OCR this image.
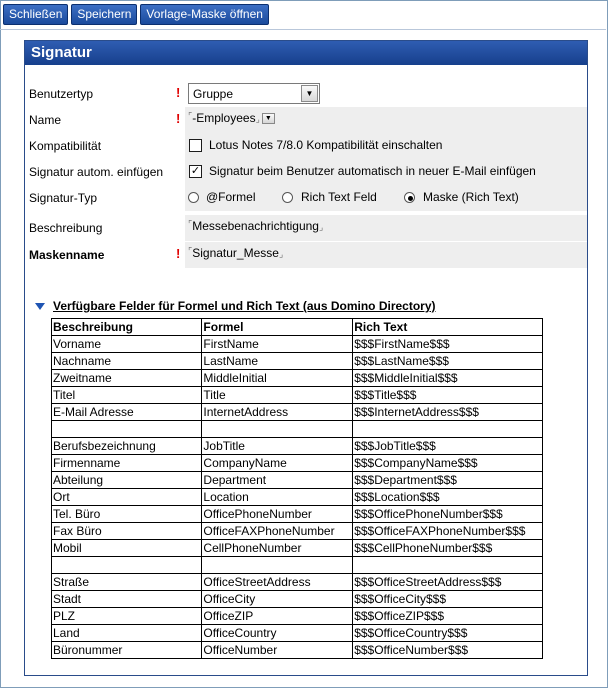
Schließen	Speichern	Vorlage-Maske öffnen
Signatur
Benutzertyp	! Gruppe	▼
Name	! ⌜-Employees⌟ ▼
Kompatibilität	Lotus Notes 7/8.0 Kompatibilität einschalten
Signatur autom. einfügen	✓ Signatur beim Benutzer automatisch in neuer E-Mail einfügen
Signatur-Typ	@Formel	Rich Text Feld	Maske (Rich Text)
Beschreibung	⌜Messebenachrichtigung⌟
Maskenname	! ⌜Signatur_Messe⌟
Verfügbare Felder für Formel und Rich Text (aus Domino Directory)
Beschreibung	Formel	Rich Text
Vorname	FirstName	$$$FirstName$$$
Nachname	LastName	$$$LastName$$$
Zweitname	MiddleInitial	$$$MiddleInitial$$$
Titel	Title	$$$Title$$$
E-Mail Adresse	InternetAddress	$$$InternetAddress$$$

Berufsbezeichnung	JobTitle	$$$JobTitle$$$
Firmenname	CompanyName	$$$CompanyName$$$
Abteilung	Department	$$$Department$$$
Ort	Location	$$$Location$$$
Tel. Büro	OfficePhoneNumber	$$$OfficePhoneNumber$$$
Fax Büro	OfficeFAXPhoneNumber	$$$OfficeFAXPhoneNumber$$$
Mobil	CellPhoneNumber	$$$CellPhoneNumber$$$

Straße	OfficeStreetAddress	$$$OfficeStreetAddress$$$
Stadt	OfficeCity	$$$OfficeCity$$$
PLZ	OfficeZIP	$$$OfficeZIP$$$
Land	OfficeCountry	$$$OfficeCountry$$$
Büronummer	OfficeNumber	$$$OfficeNumber$$$
